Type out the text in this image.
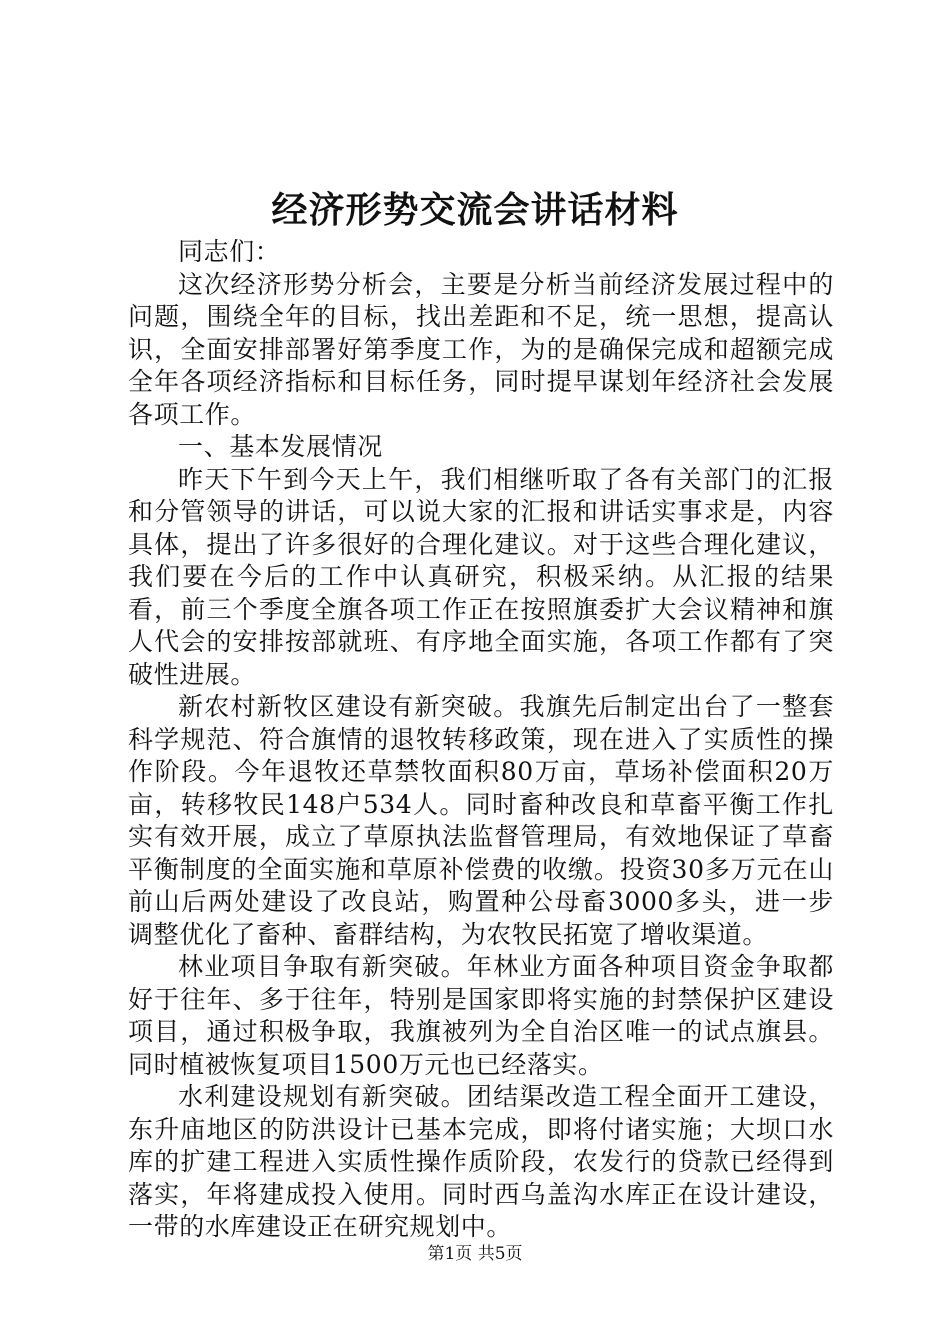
经济形势交流会讲话材料

同志们：

这次经济形势分析会，主要是分析当前经济发展过程中的问题，围绕全年的目标，找出差距和不足，统一思想，提高认识，全面安排部署好第季度工作，为的是确保完成和超额完成全年各项经济指标和目标任务，同时提早谋划年经济社会发展各项工作。

一、基本发展情况

昨天下午到今天上午，我们相继听取了各有关部门的汇报和分管领导的讲话，可以说大家的汇报和讲话实事求是，内容具体，提出了许多很好的合理化建议。对于这些合理化建议，我们要在今后的工作中认真研究，积极采纳。从汇报的结果看，前三个季度全旗各项工作正在按照旗委扩大会议精神和旗人代会的安排按部就班、有序地全面实施，各项工作都有了突破性进展。

新农村新牧区建设有新突破。我旗先后制定出台了一整套科学规范、符合旗情的退牧转移政策，现在进入了实质性的操作阶段。今年退牧还草禁牧面积80万亩，草场补偿面积20万亩，转移牧民148户534人。同时畜种改良和草畜平衡工作扎实有效开展，成立了草原执法监督管理局，有效地保证了草畜平衡制度的全面实施和草原补偿费的收缴。投资30多万元在山前山后两处建设了改良站，购置种公母畜3000多头，进一步调整优化了畜种、畜群结构，为农牧民拓宽了增收渠道。

林业项目争取有新突破。年林业方面各种项目资金争取都好于往年、多于往年，特别是国家即将实施的封禁保护区建设项目，通过积极争取，我旗被列为全自治区唯一的试点旗县。同时植被恢复项目1500万元也已经落实。

水利建设规划有新突破。团结渠改造工程全面开工建设，东升庙地区的防洪设计已基本完成，即将付诸实施；大坝口水库的扩建工程进入实质性操作质阶段，农发行的贷款已经得到落实，年将建成投入使用。同时西乌盖沟水库正在设计建设，一带的水库建设正在研究规划中。

第1页 共5页
